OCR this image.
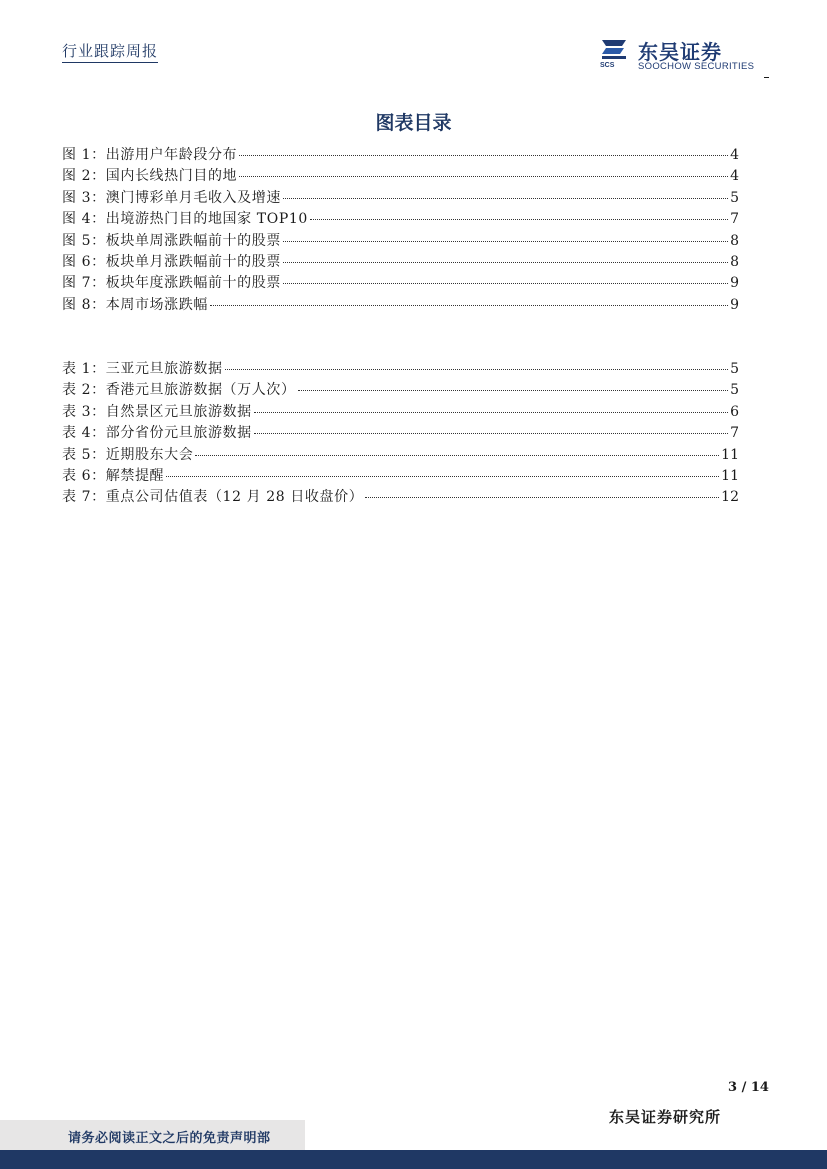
行业跟踪周报
SCS
东吴证券
SOOCHOW SECURITIES
图表目录
图 1：出游用户年龄段分布	4
图 2：国内长线热门目的地	4
图 3：澳门博彩单月毛收入及增速	5
图 4：出境游热门目的地国家 TOP10	7
图 5：板块单周涨跌幅前十的股票	8
图 6：板块单月涨跌幅前十的股票	8
图 7：板块年度涨跌幅前十的股票	9
图 8：本周市场涨跌幅	9
表 1：三亚元旦旅游数据	5
表 2：香港元旦旅游数据（万人次）	5
表 3：自然景区元旦旅游数据	6
表 4：部分省份元旦旅游数据	7
表 5：近期股东大会	11
表 6：解禁提醒	11
表 7：重点公司估值表（12 月 28 日收盘价）	12
3 / 14
东吴证券研究所
请务必阅读正文之后的免责声明部
